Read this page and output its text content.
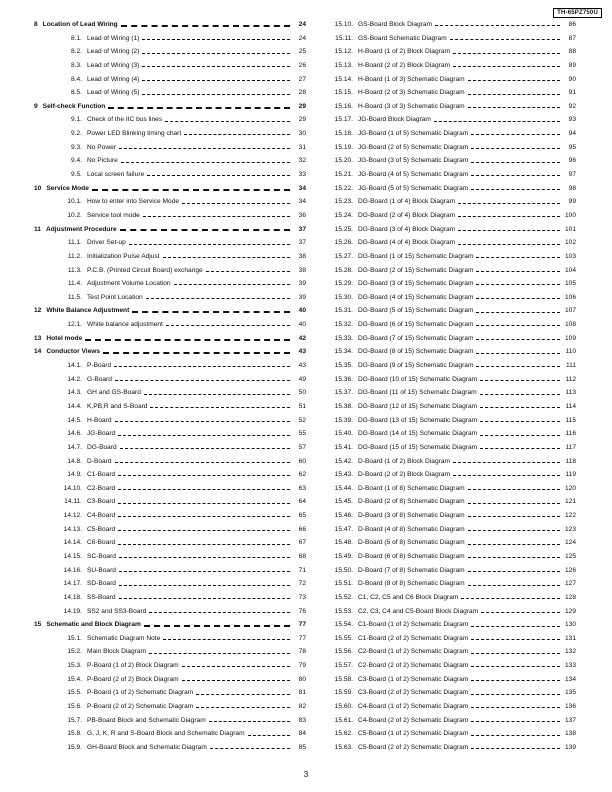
TH-65PZ750U
8 Location of Lead Wiring	24
8.1. Lead of Wiring (1)	24
8.2. Lead of Wiring (2)	25
8.3. Lead of Wiring (3)	26
8.4. Lead of Wiring (4)	27
8.5. Lead of Wiring (5)	28
9 Self-check Function	29
9.1. Check of the IIC bus lines	29
9.2. Power LED Blinking timing chart	30
9.3. No Power	31
9.4. No Picture	32
9.5. Local screen failure	33
10 Service Mode	34
10.1. How to enter into Service Mode	34
10.2. Service tool mode	36
11 Adjustment Procedure	37
11.1. Driver Set-up	37
11.2. Initialization Pulse Adjust	38
11.3. P.C.B. (Printed Circuit Board) exchange	38
11.4. Adjustment Volume Location	39
11.5. Test Point Location	39
12 White Balance Adjustment	40
12.1. White balance adjustment	40
13 Hotel mode	42
14 Conductor Views	43
14.1. P-Board	43
14.2. G-Board	49
14.3. GH and GS-Board	50
14.4. K,PB,R and S-Board	51
14.5. H-Board	52
14.6. JG-Board	55
14.7. DG-Board	57
14.8. D-Board	60
14.9. C1-Board	62
14.10. C2-Board	63
14.11. C3-Board	64
14.12. C4-Board	65
14.13. C5-Board	66
14.14. C6-Board	67
14.15. SC-Board	68
14.16. SU-Board	71
14.17. SD-Board	72
14.18. SS-Board	73
14.19. SS2 and SS3-Board	76
15 Schematic and Block Diagram	77
15.1. Schematic Diagram Note	77
15.2. Main Block Diagram	78
15.3. P-Board (1 of 2) Block Diagram	79
15.4. P-Board (2 of 2) Block Diagram	80
15.5. P-Board (1 of 2) Schematic Diagram	81
15.6. P-Board (2 of 2) Schematic Diagram	82
15.7. PB-Board Block and Schematic Diagram	83
15.8. G, J, K, R and S-Board Block and Schematic Diagram	84
15.9. GH-Board Block and Schematic Diagram	85
15.10. GS-Board Block Diagram	86
15.11. GS-Board Schematic Diagram	87
15.12. H-Board (1 of 2) Block Diagram	88
15.13. H-Board (2 of 2) Block Diagram	89
15.14. H-Board (1 of 3) Schematic Diagram	90
15.15. H-Board (2 of 3) Schematic Diagram	91
15.16. H-Board (3 of 3) Schematic Diagram	92
15.17. JG-Board Block Diagram	93
15.18. JG-Board (1 of 5) Schematic Diagram	94
15.19. JG-Board (2 of 5) Schematic Diagram	95
15.20. JG-Board (3 of 5) Schematic Diagram	96
15.21. JG-Board (4 of 5) Schematic Diagram	97
15.22. JG-Board (5 of 5) Schematic Diagram	98
15.23. DG-Board (1 of 4) Block Diagram	99
15.24. DG-Board (2 of 4) Block Diagram	100
15.25. DG-Board (3 of 4) Block Diagram	101
15.26. DG-Board (4 of 4) Block Diagram	102
15.27. DG-Board (1 of 15) Schematic Diagram	103
15.28. DG-Board (2 of 15) Schematic Diagram	104
15.29. DG-Board (3 of 15) Schematic Diagram	105
15.30. DG-Board (4 of 15) Schematic Diagram	106
15.31. DG-Board (5 of 15) Schematic Diagram	107
15.32. DG-Board (6 of 15) Schematic Diagram	108
15.33. DG-Board (7 of 15) Schematic Diagram	109
15.34. DG-Board (8 of 15) Schematic Diagram	110
15.35. DG-Board (9 of 15) Schematic Diagram	111
15.36. DG-Board (10 of 15) Schematic Diagram	112
15.37. DG-Board (11 of 15) Schematic Diagram	113
15.38. DG-Board (12 of 15) Schematic Diagram	114
15.39. DG-Board (13 of 15) Schematic Diagram	115
15.40. DG-Board (14 of 15) Schematic Diagram	116
15.41. DG-Board (15 of 15) Schematic Diagram	117
15.42. D-Board (1 of 2) Block Diagram	118
15.43. D-Board (2 of 2) Block Diagram	119
15.44. D-Board (1 of 8) Schematic Diagram	120
15.45. D-Board (2 of 8) Schematic Diagram	121
15.46. D-Board (3 of 8) Schematic Diagram	122
15.47. D-Board (4 of 8) Schematic Diagram	123
15.48. D-Board (5 of 8) Schematic Diagram	124
15.49. D-Board (6 of 8) Schematic Diagram	125
15.50. D-Board (7 of 8) Schematic Diagram	126
15.51. D-Board (8 of 8) Schematic Diagram	127
15.52. C1, C2, C5 and C6 Block Diagram	128
15.53. C2, C3, C4 and C5-Board Block Diagram	129
15.54. C1-Board (1 of 2) Schematic Diagram	130
15.55. C1-Board (2 of 2) Schematic Diagram	131
15.56. C2-Board (1 of 2) Schematic Diagram	132
15.57. C2-Board (2 of 2) Schematic Diagram	133
15.58. C3-Board (1 of 2) Schematic Diagram	134
15.59. C3-Board (2 of 2) Schematic Diagram	135
15.60. C4-Board (1 of 2) Schematic Diagram	136
15.61. C4-Board (2 of 2) Schematic Diagram	137
15.62. C5-Board (1 of 2) Schematic Diagram	138
15.63. C5-Board (2 of 2) Schematic Diagram	139
3
